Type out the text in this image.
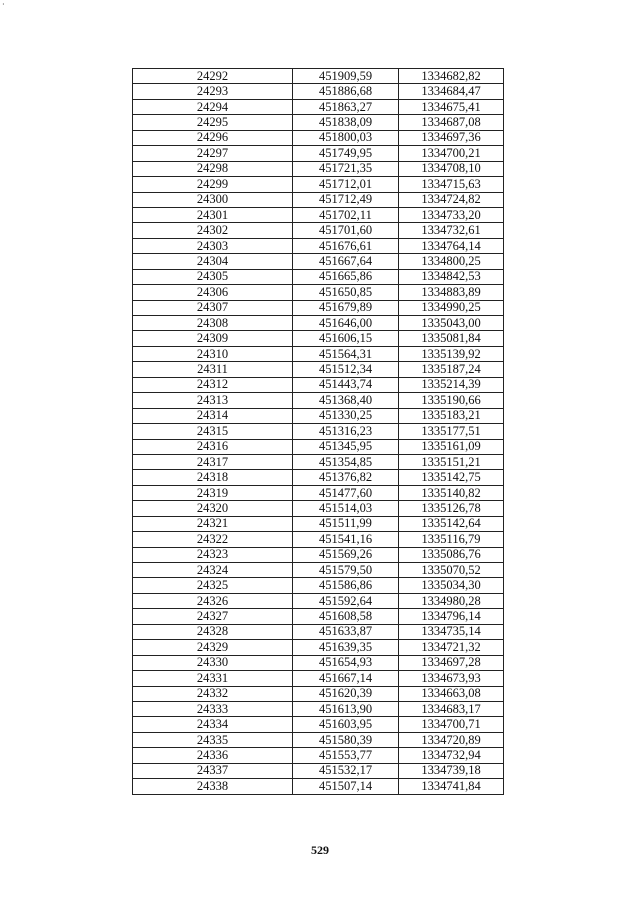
·
24292	451909,59	1334682,82
24293	451886,68	1334684,47
24294	451863,27	1334675,41
24295	451838,09	1334687,08
24296	451800,03	1334697,36
24297	451749,95	1334700,21
24298	451721,35	1334708,10
24299	451712,01	1334715,63
24300	451712,49	1334724,82
24301	451702,11	1334733,20
24302	451701,60	1334732,61
24303	451676,61	1334764,14
24304	451667,64	1334800,25
24305	451665,86	1334842,53
24306	451650,85	1334883,89
24307	451679,89	1334990,25
24308	451646,00	1335043,00
24309	451606,15	1335081,84
24310	451564,31	1335139,92
24311	451512,34	1335187,24
24312	451443,74	1335214,39
24313	451368,40	1335190,66
24314	451330,25	1335183,21
24315	451316,23	1335177,51
24316	451345,95	1335161,09
24317	451354,85	1335151,21
24318	451376,82	1335142,75
24319	451477,60	1335140,82
24320	451514,03	1335126,78
24321	451511,99	1335142,64
24322	451541,16	1335116,79
24323	451569,26	1335086,76
24324	451579,50	1335070,52
24325	451586,86	1335034,30
24326	451592,64	1334980,28
24327	451608,58	1334796,14
24328	451633,87	1334735,14
24329	451639,35	1334721,32
24330	451654,93	1334697,28
24331	451667,14	1334673,93
24332	451620,39	1334663,08
24333	451613,90	1334683,17
24334	451603,95	1334700,71
24335	451580,39	1334720,89
24336	451553,77	1334732,94
24337	451532,17	1334739,18
24338	451507,14	1334741,84
529
